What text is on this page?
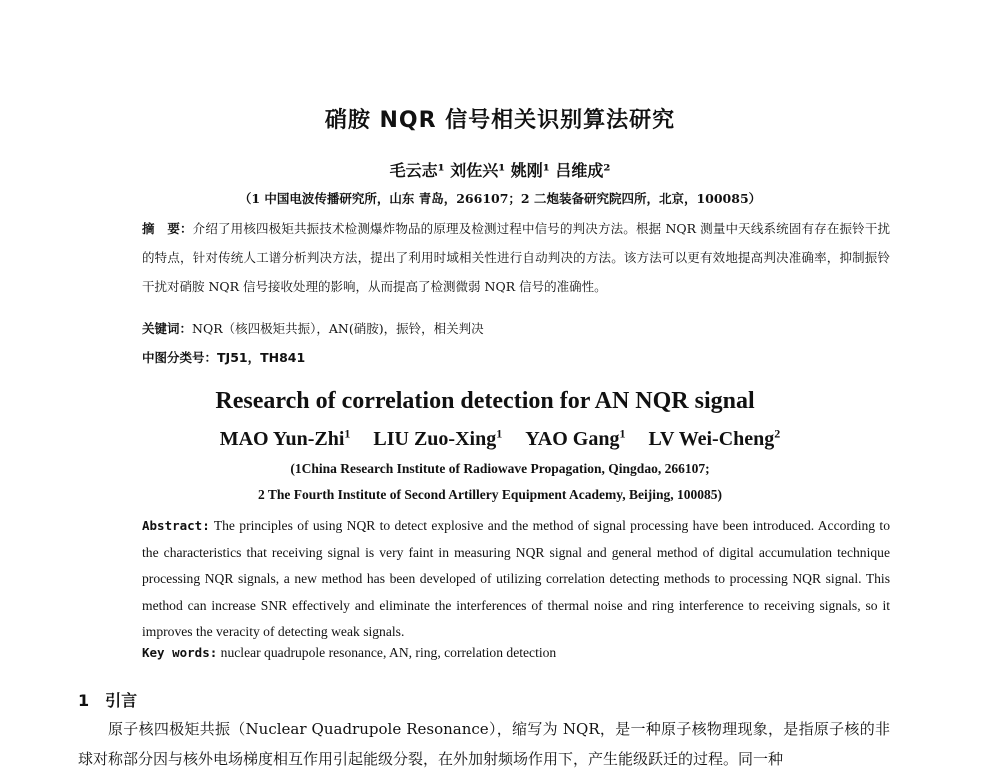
硝胺 NQR 信号相关识别算法研究
毛云志¹ 刘佐兴¹ 姚刚¹ 吕维成²
（1 中国电波传播研究所，山东 青岛，266107；2 二炮装备研究院四所，北京，100085）
摘　要：介绍了用核四极矩共振技术检测爆炸物品的原理及检测过程中信号的判决方法。根据 NQR 测量中天线系统固有存在振铃干扰的特点，针对传统人工谱分析判决方法，提出了利用时域相关性进行自动判决的方法。该方法可以更有效地提高判决准确率，抑制振铃干扰对硝胺 NQR 信号接收处理的影响，从而提高了检测微弱 NQR 信号的准确性。
关键词：NQR（核四极矩共振），AN(硝胺)，振铃，相关判决
中图分类号：TJ51，TH841
Research of correlation detection for AN NQR signal
MAO Yun-Zhi$^1$ LIU Zuo-Xing$^1$ YAO Gang$^1$ LV Wei-Cheng$^2$
(1China Research Institute of Radiowave Propagation, Qingdao, 266107;
2 The Fourth Institute of Second Artillery Equipment Academy, Beijing, 100085)
Abstract: The principles of using NQR to detect explosive and the method of signal processing have been introduced. According to the characteristics that receiving signal is very faint in measuring NQR signal and general method of digital accumulation technique processing NQR signals, a new method has been developed of utilizing correlation detecting methods to processing NQR signal. This method can increase SNR effectively and eliminate the interferences of thermal noise and ring interference to receiving signals, so it improves the veracity of detecting weak signals.
Key words: nuclear quadrupole resonance, AN, ring, correlation detection
1 引言
原子核四极矩共振（Nuclear Quadrupole Resonance），缩写为 NQR，是一种原子核物理现象，是指原子核的非球对称部分因与核外电场梯度相互作用引起能级分裂，在外加射频场作用下，产生能级跃迁的过程。同一种
